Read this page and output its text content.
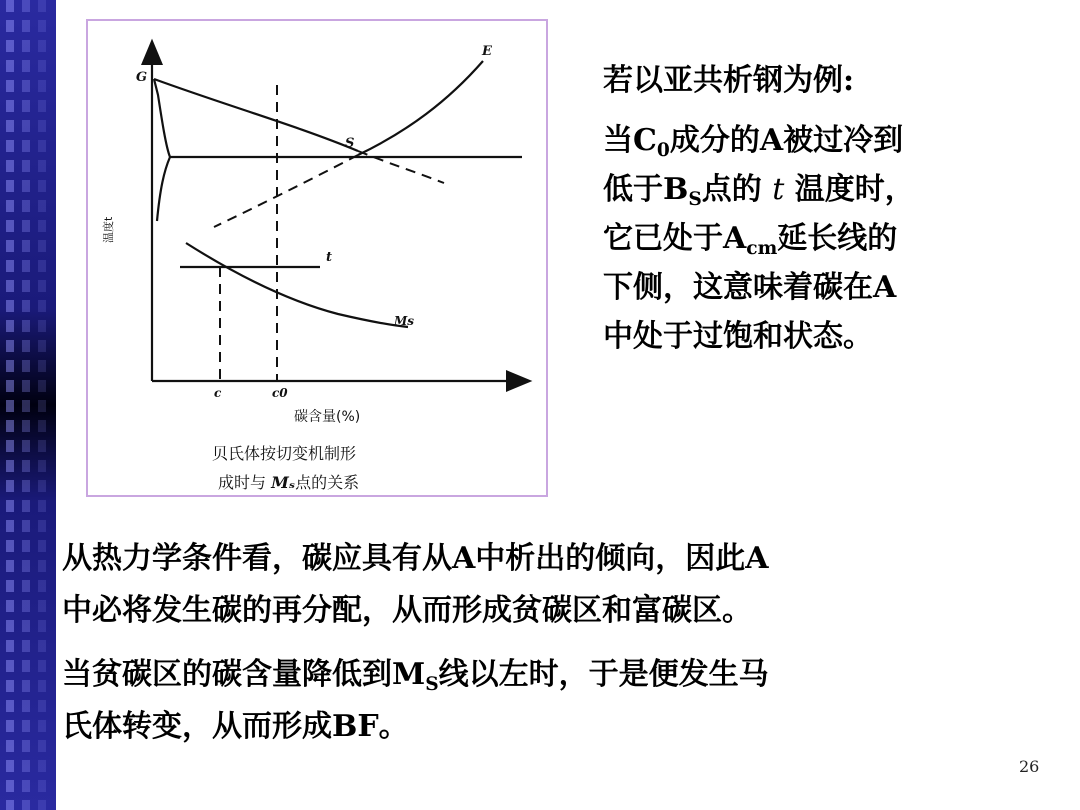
G
E
S
t
Ms
c	c0
温度t
碳含量(%)
贝氏体按切变机制形
成时与 Mₛ点的关系
若以亚共析钢为例:
当$C_0$成分的A被过冷到
低于$B_S$点的 t 温度时，
它已处于$A_{cm}$延长线的
下侧，这意味着碳在A
中处于过饱和状态。
从热力学条件看，碳应具有从A中析出的倾向，因此A
中必将发生碳的再分配，从而形成贫碳区和富碳区。
当贫碳区的碳含量降低到$M_S$线以左时，于是便发生马
氏体转变，从而形成BF。
26
